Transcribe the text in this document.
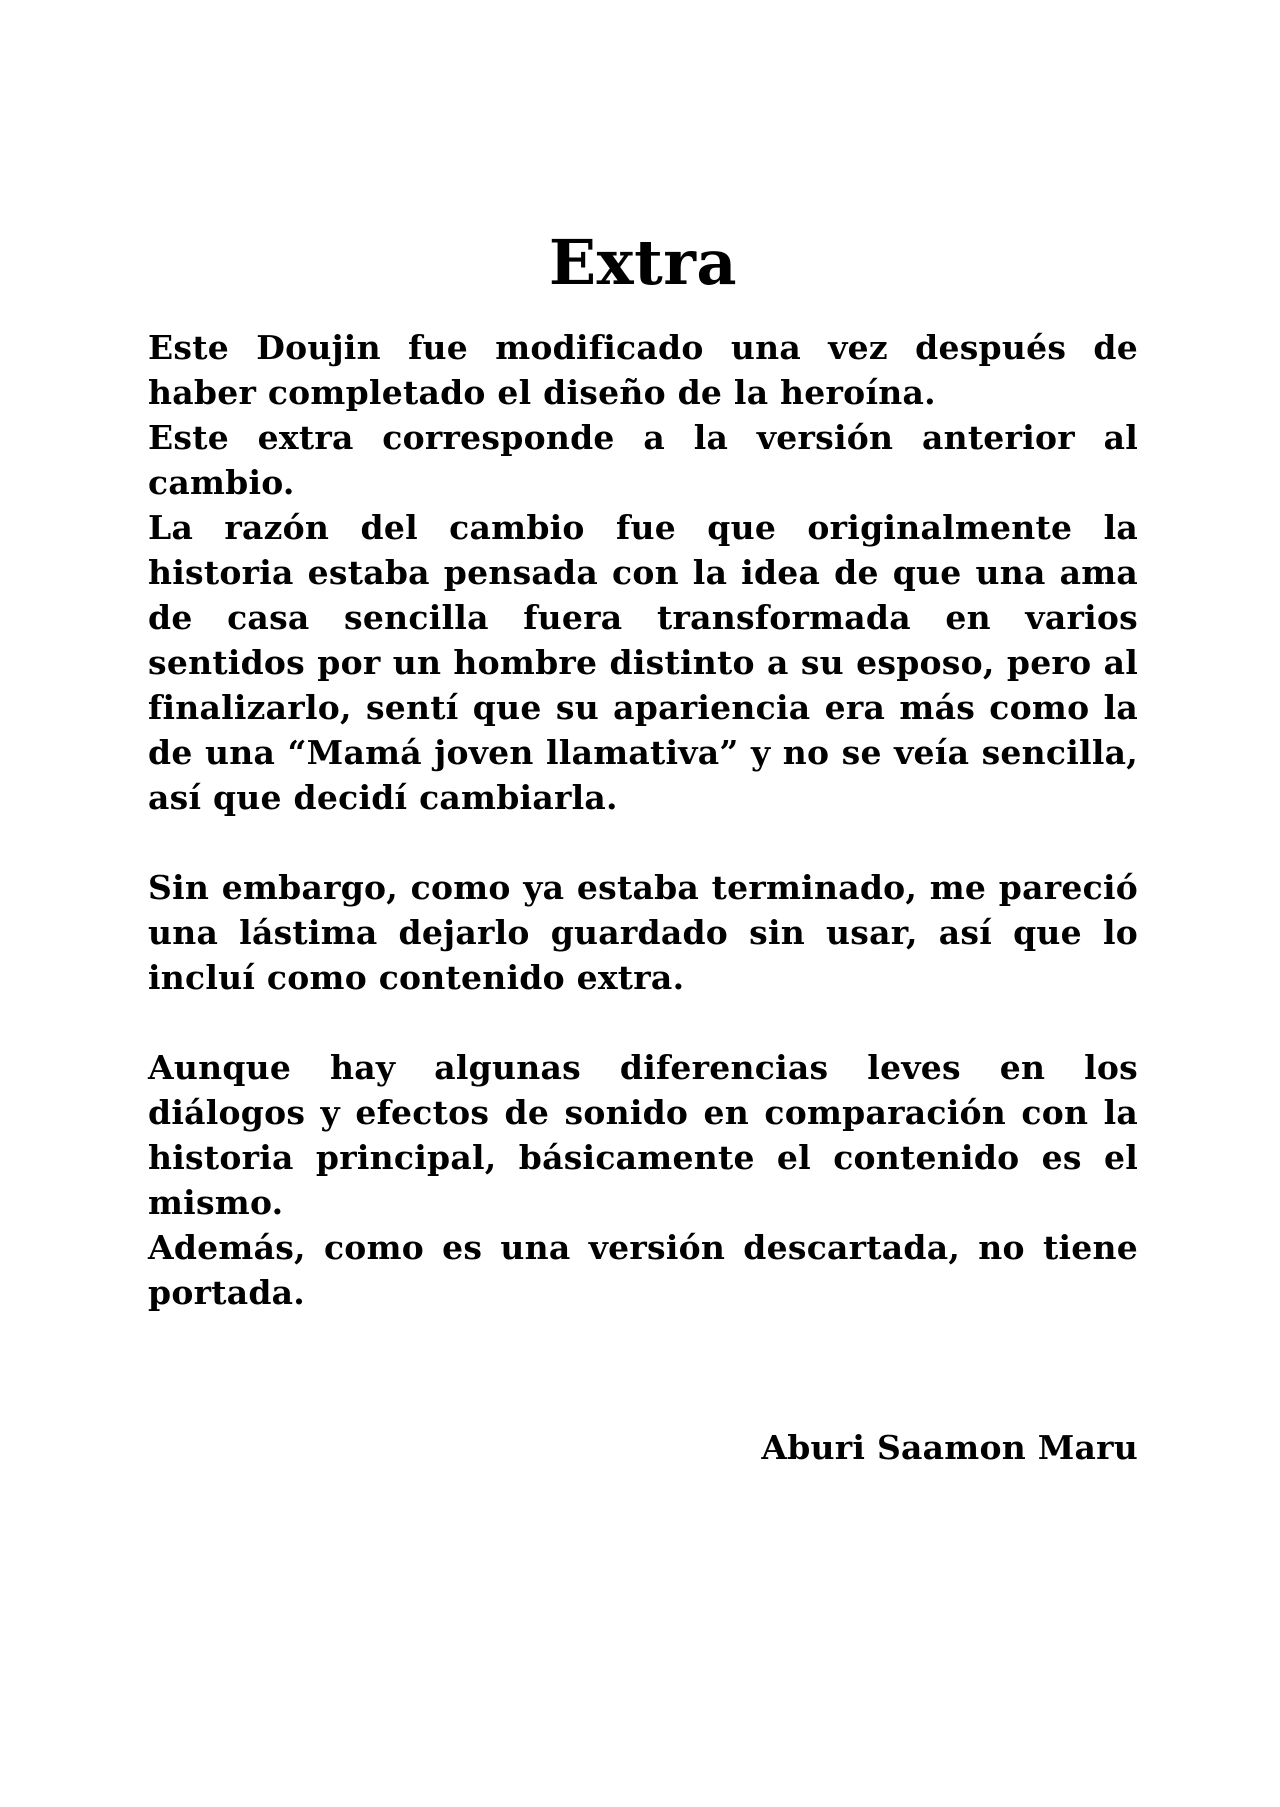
Extra

Este Doujin fue modificado una vez después de haber completado el diseño de la heroína.

Este extra corresponde a la versión anterior al cambio.

La razón del cambio fue que originalmente la historia estaba pensada con la idea de que una ama de casa sencilla fuera transformada en varios sentidos por un hombre distinto a su esposo, pero al finalizarlo, sentí que su apariencia era más como la de una “Mamá joven llamativa” y no se veía sencilla, así que decidí cambiarla.

Sin embargo, como ya estaba terminado, me pareció una lástima dejarlo guardado sin usar, así que lo incluí como contenido extra.

Aunque hay algunas diferencias leves en los diálogos y efectos de sonido en comparación con la historia principal, básicamente el contenido es el mismo.

Además, como es una versión descartada, no tiene portada.

Aburi Saamon Maru
